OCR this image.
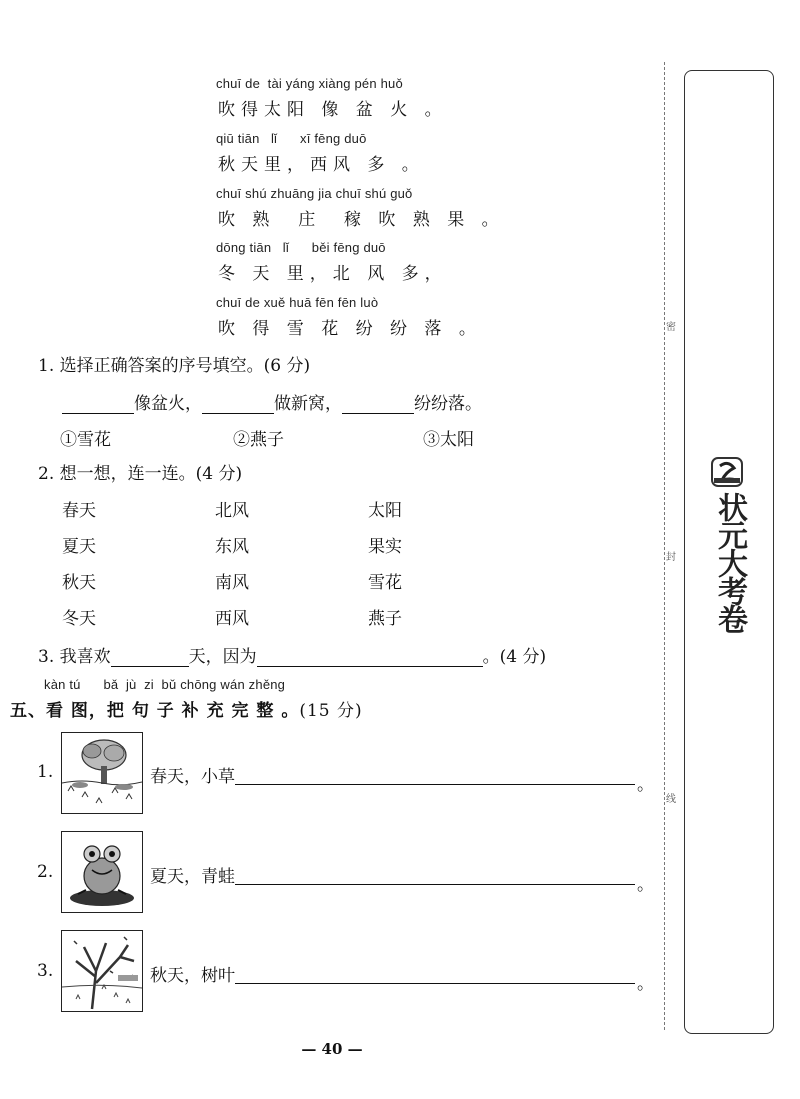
chuī de  tài yáng xiàng pén huǒ
吹得太阳 像 盆 火 。
qiū tiān   lǐ      xī fēng duō
秋天里，西风 多 。
chuī shú zhuāng jia chuī shú guǒ
吹 熟  庄  稼 吹 熟 果 。
dōng tiān   lǐ      běi fēng duō
冬 天 里，北 风 多，
chuī de xuě huā fēn fēn luò
吹 得 雪 花 纷 纷 落 。
1. 选择正确答案的序号填空。(6 分)
像盆火，	做新窝，	纷纷落。
①雪花	②燕子	③太阳
2. 想一想，连一连。(4 分)
春天	北风	太阳
夏天	东风	果实
秋天	南风	雪花
冬天	西风	燕子
3. 我喜欢	天，因为	。(4 分)
kàn tú      bǎ  jù  zi  bǔ chōng wán zhěng
五、看 图，把 句 子 补 充 完 整 。(15 分)
1.	春天，小草	。
2.	夏天，青蛙	。
3.	秋天，树叶	。
— 40 —
密
封
线
状元大考卷
